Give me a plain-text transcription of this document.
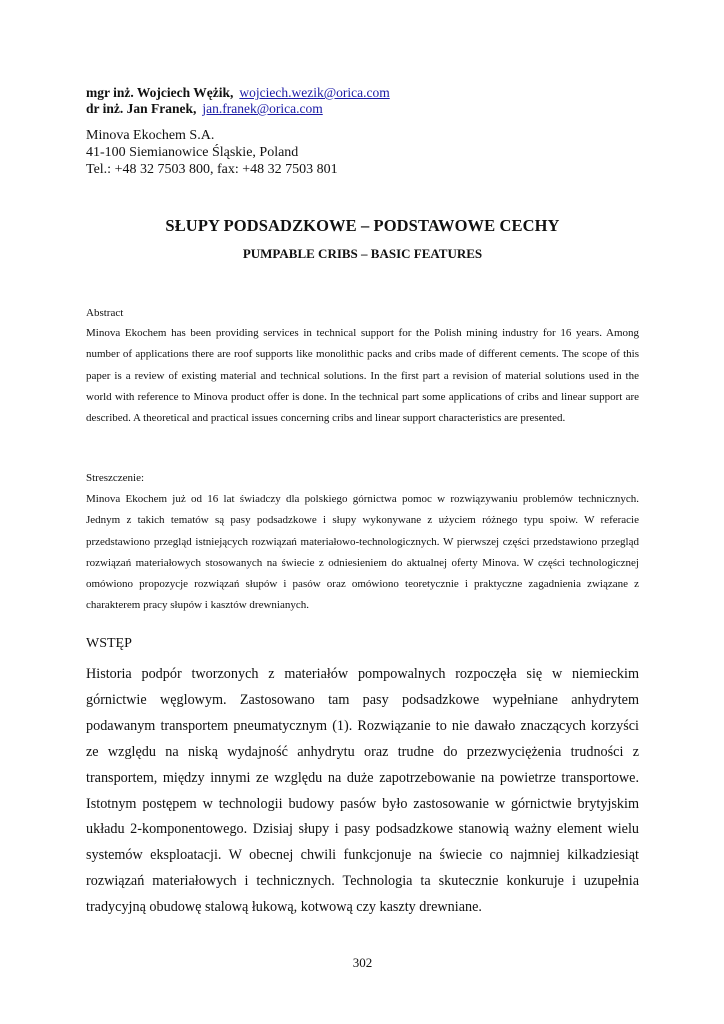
mgr inż. Wojciech Wężik, wojciech.wezik@orica.com
dr inż. Jan Franek, jan.franek@orica.com
Minova Ekochem S.A.
41-100 Siemianowice Śląskie, Poland
Tel.: +48 32 7503 800, fax: +48 32 7503 801
SŁUPY PODSADZKOWE – PODSTAWOWE CECHY
PUMPABLE CRIBS – BASIC FEATURES
Abstract
Minova Ekochem has been providing services in technical support for the Polish mining industry for 16 years. Among number of applications there are roof supports like monolithic packs and cribs made of different cements. The scope of this paper is a review of existing material and technical solutions. In the first part a revision of material solutions used in the world with reference to Minova product offer is done. In the technical part some applications of cribs and linear support are described. A theoretical and practical issues concerning cribs and linear support characteristics are presented.
Streszczenie:
Minova Ekochem już od 16 lat świadczy dla polskiego górnictwa pomoc w rozwiązywaniu problemów technicznych. Jednym z takich tematów są pasy podsadzkowe i słupy wykonywane z użyciem różnego typu spoiw. W referacie przedstawiono przegląd istniejących rozwiązań materiałowo-technologicznych. W pierwszej części przedstawiono przegląd rozwiązań materiałowych stosowanych na świecie z odniesieniem do aktualnej oferty Minova. W części technologicznej omówiono propozycje rozwiązań słupów i pasów oraz omówiono teoretycznie i praktyczne zagadnienia związane z charakterem pracy słupów i kasztów drewnianych.
WSTĘP
Historia podpór tworzonych z materiałów pompowalnych rozpoczęła się w niemieckim górnictwie węglowym. Zastosowano tam pasy podsadzkowe wypełniane anhydrytem podawanym transportem pneumatycznym (1). Rozwiązanie to nie dawało znaczących korzyści ze względu na niską wydajność anhydrytu oraz trudne do przezwyciężenia trudności z transportem, między innymi ze względu na duże zapotrzebowanie na powietrze transportowe. Istotnym postępem w technologii budowy pasów było zastosowanie w górnictwie brytyjskim układu 2-komponentowego. Dzisiaj słupy i pasy podsadzkowe stanowią ważny element wielu systemów eksploatacji. W obecnej chwili funkcjonuje na świecie co najmniej kilkadziesiąt rozwiązań materiałowych i technicznych. Technologia ta skutecznie konkuruje i uzupełnia tradycyjną obudowę stalową łukową, kotwową czy kaszty drewniane.
302
